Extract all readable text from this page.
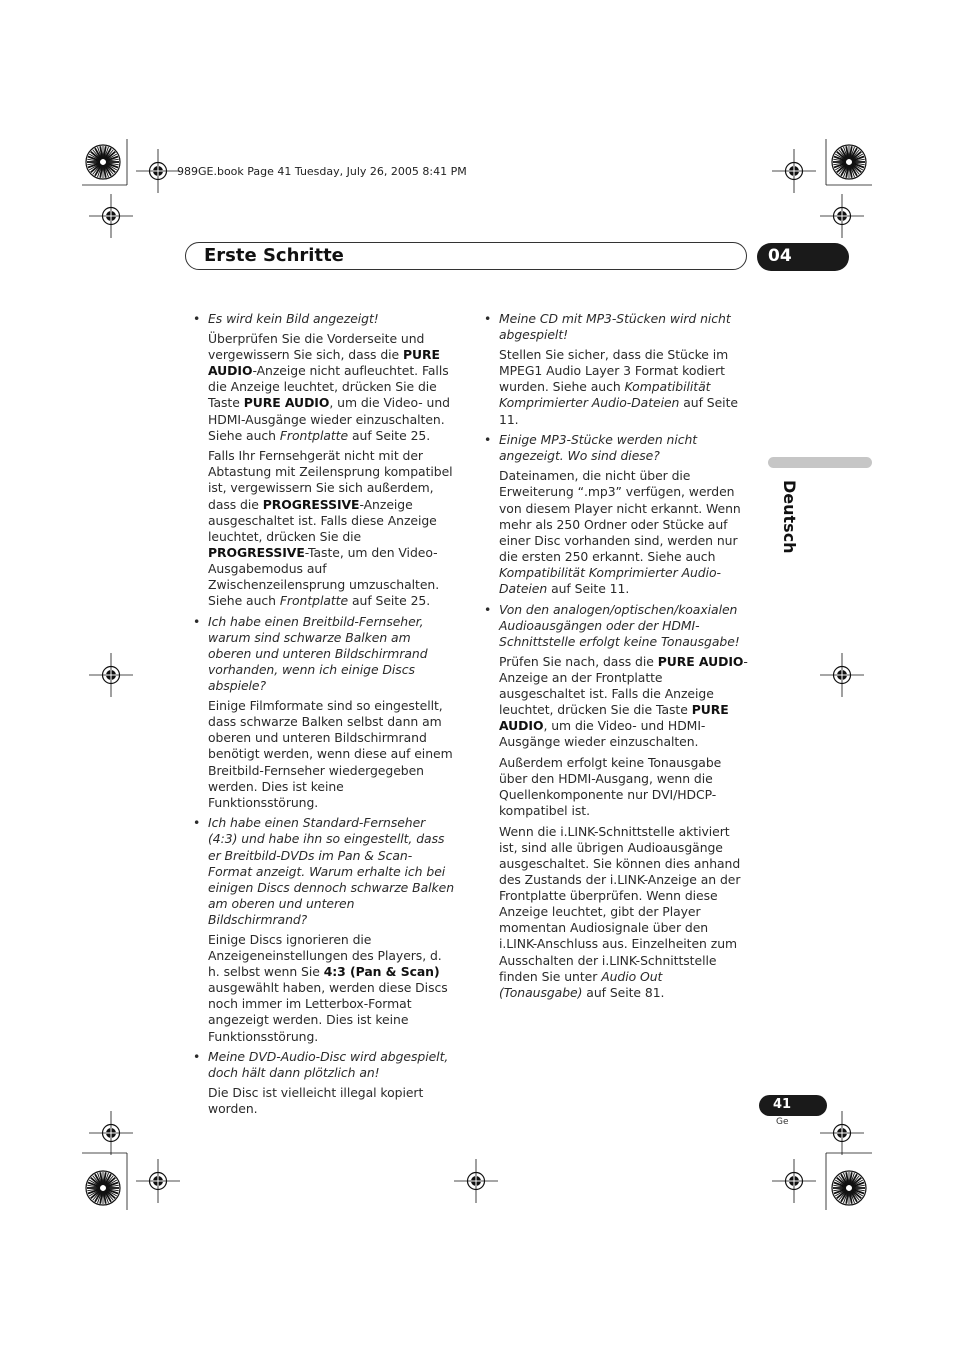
989GE.book Page 41 Tuesday, July 26, 2005 8:41 PM
Erste Schritte	04
Deutsch

• Es wird kein Bild angezeigt!

Überprüfen Sie die Vorderseite und vergewissern Sie sich, dass die PURE AUDIO-Anzeige nicht aufleuchtet. Falls die Anzeige leuchtet, drücken Sie die Taste PURE AUDIO, um die Video- und HDMI-Ausgänge wieder einzuschalten. Siehe auch Frontplatte auf Seite 25.

Falls Ihr Fernsehgerät nicht mit der Abtastung mit Zeilensprung kompatibel ist, vergewissern Sie sich außerdem, dass die PROGRESSIVE-Anzeige ausgeschaltet ist. Falls diese Anzeige leuchtet, drücken Sie die PROGRESSIVE-Taste, um den Video-Ausgabemodus auf Zwischenzeilensprung umzuschalten. Siehe auch Frontplatte auf Seite 25.

• Ich habe einen Breitbild-Fernseher, warum sind schwarze Balken am oberen und unteren Bildschirmrand vorhanden, wenn ich einige Discs abspiele?

Einige Filmformate sind so eingestellt, dass schwarze Balken selbst dann am oberen und unteren Bildschirmrand benötigt werden, wenn diese auf einem Breitbild-Fernseher wiedergegeben werden. Dies ist keine Funktionsstörung.

• Ich habe einen Standard-Fernseher (4:3) und habe ihn so eingestellt, dass er Breitbild-DVDs im Pan & Scan-Format anzeigt. Warum erhalte ich bei einigen Discs dennoch schwarze Balken am oberen und unteren Bildschirmrand?

Einige Discs ignorieren die Anzeigeneinstellungen des Players, d. h. selbst wenn Sie 4:3 (Pan & Scan) ausgewählt haben, werden diese Discs noch immer im Letterbox-Format angezeigt werden. Dies ist keine Funktionsstörung.

• Meine DVD-Audio-Disc wird abgespielt, doch hält dann plötzlich an!

Die Disc ist vielleicht illegal kopiert worden.

• Meine CD mit MP3-Stücken wird nicht abgespielt!

Stellen Sie sicher, dass die Stücke im MPEG1 Audio Layer 3 Format kodiert wurden. Siehe auch Kompatibilität Komprimierter Audio-Dateien auf Seite 11.

• Einige MP3-Stücke werden nicht angezeigt. Wo sind diese?

Dateinamen, die nicht über die Erweiterung “.mp3” verfügen, werden von diesem Player nicht erkannt. Wenn mehr als 250 Ordner oder Stücke auf einer Disc vorhanden sind, werden nur die ersten 250 erkannt. Siehe auch Kompatibilität Komprimierter Audio-Dateien auf Seite 11.

• Von den analogen/optischen/koaxialen Audioausgängen oder der HDMI-Schnittstelle erfolgt keine Tonausgabe!

Prüfen Sie nach, dass die PURE AUDIO-Anzeige an der Frontplatte ausgeschaltet ist. Falls die Anzeige leuchtet, drücken Sie die Taste PURE AUDIO, um die Video- und HDMI-Ausgänge wieder einzuschalten.

Außerdem erfolgt keine Tonausgabe über den HDMI-Ausgang, wenn die Quellenkomponente nur DVI/HDCP-kompatibel ist.

Wenn die i.LINK-Schnittstelle aktiviert ist, sind alle übrigen Audioausgänge ausgeschaltet. Sie können dies anhand des Zustands der i.LINK-Anzeige an der Frontplatte überprüfen. Wenn diese Anzeige leuchtet, gibt der Player momentan Audiosignale über den i.LINK-Anschluss aus. Einzelheiten zum Ausschalten der i.LINK-Schnittstelle finden Sie unter Audio Out (Tonausgabe) auf Seite 81.

41
Ge
